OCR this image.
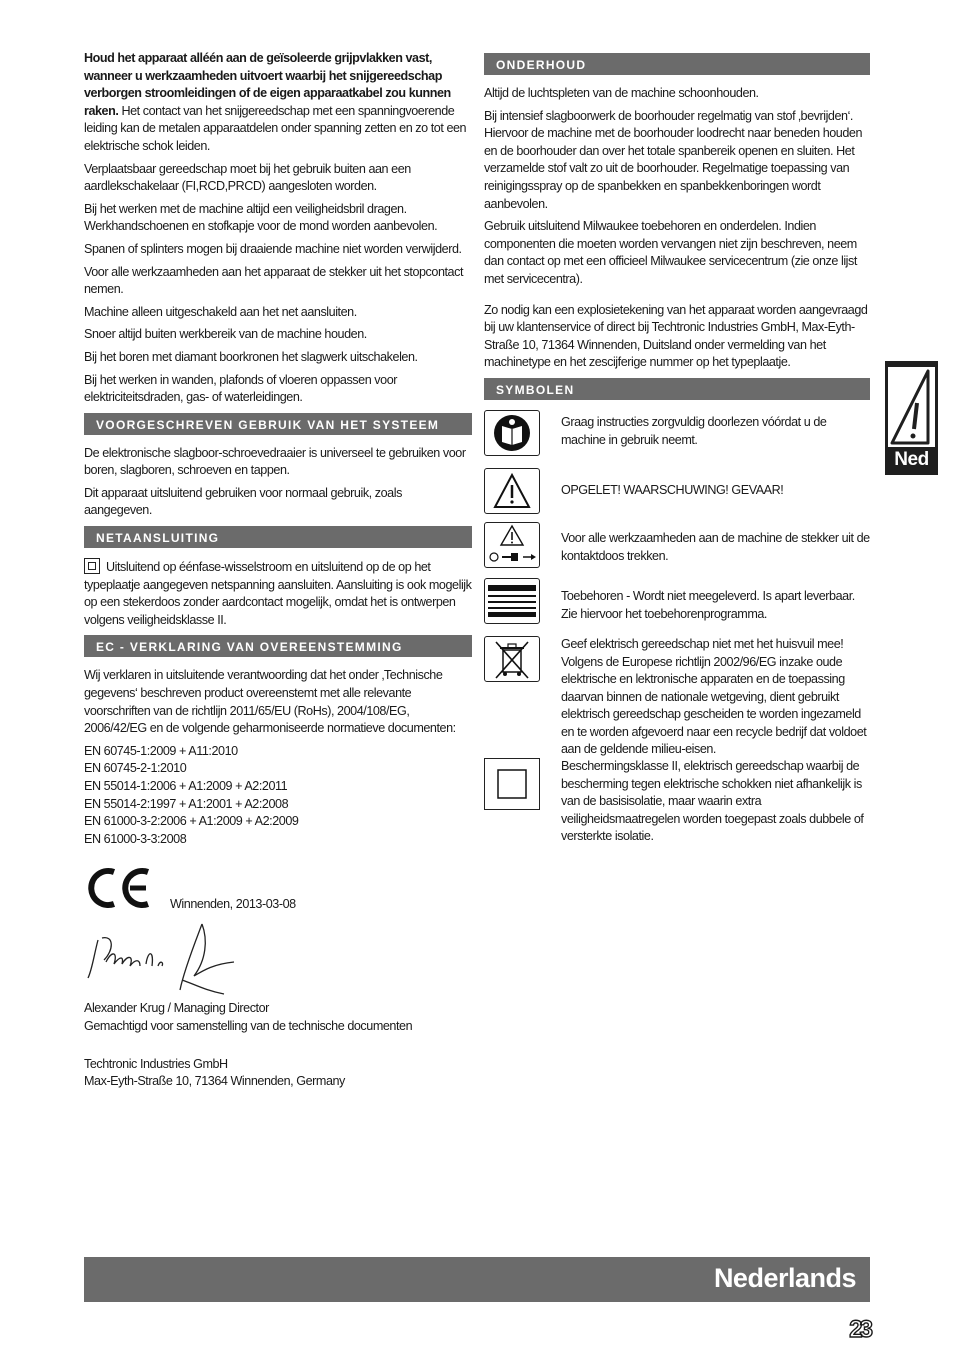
Houd het apparaat alléén aan de geïsoleerde grijpvlakken vast, wanneer u werkzaamheden uitvoert waarbij het snijgereedschap verborgen stroomleidingen of de eigen apparaatkabel zou kunnen raken. Het contact van het snijgereedschap met een spanningvoerende leiding kan de metalen apparaatdelen onder spanning zetten en zo tot een elektrische schok leiden.

Verplaatsbaar gereedschap moet bij het gebruik buiten aan een aardlekschakelaar (FI,RCD,PRCD) aangesloten worden.

Bij het werken met de machine altijd een veiligheidsbril dragen. Werkhandschoenen en stofkapje voor de mond worden aanbevolen.

Spanen of splinters mogen bij draaiende machine niet worden verwijderd.

Voor alle werkzaamheden aan het apparaat de stekker uit het stopcontact nemen.

Machine alleen uitgeschakeld aan het net aansluiten.

Snoer altijd buiten werkbereik van de machine houden.

Bij het boren met diamant boorkronen het slagwerk uitschakelen.

Bij het werken in wanden, plafonds of vloeren oppassen voor elektriciteitsdraden, gas- of waterleidingen.

VOORGESCHREVEN GEBRUIK VAN HET SYSTEEM

De elektronische slagboor-schroevedraaier is universeel te gebruiken voor boren, slagboren, schroeven en tappen.

Dit apparaat uitsluitend gebruiken voor normaal gebruik, zoals aangegeven.

NETAANSLUITING

Uitsluitend op éénfase-wisselstroom en uitsluitend op de op het typeplaatje aangegeven netspanning aansluiten. Aansluiting is ook mogelijk op een stekerdoos zonder aardcontact mogelijk, omdat het is ontwerpen volgens veiligheidsklasse II.

EC - VERKLARING VAN OVEREENSTEMMING

Wij verklaren in uitsluitende verantwoording dat het onder ‚Technische gegevens‘ beschreven product overeenstemt met alle relevante voorschriften van de richtlijn 2011/65/EU (RoHs), 2004/108/EG, 2006/42/EG en de volgende geharmoniseerde normatieve documenten:

EN 60745-1:2009 + A11:2010

EN 60745-2-1:2010

EN 55014-1:2006 + A1:2009 + A2:2011

EN 55014-2:1997 + A1:2001 + A2:2008

EN 61000-3-2:2006 + A1:2009 + A2:2009

EN 61000-3-3:2008

Winnenden, 2013-03-08

Alexander Krug / Managing Director

Gemachtigd voor samenstelling van de technische documenten

Techtronic Industries GmbH

Max-Eyth-Straße 10, 71364 Winnenden, Germany

ONDERHOUD

Altijd de luchtspleten van de machine schoonhouden.

Bij intensief slagboorwerk de boorhouder regelmatig van stof ‚bevrijden‘. Hiervoor de machine met de boorhouder loodrecht naar beneden houden en de boorhouder dan over het totale spanbereik openen en sluiten. Het verzamelde stof valt zo uit de boorhouder. Regelmatige toepassing van reinigingsspray op de spanbekken en spanbekkenboringen wordt aanbevolen.

Gebruik uitsluitend Milwaukee toebehoren en onderdelen. Indien componenten die moeten worden vervangen niet zijn beschreven, neem dan contact op met een officieel Milwaukee servicecentrum (zie onze lijst met servicecentra).

Zo nodig kan een explosietekening van het apparaat worden aangevraagd bij uw klantenservice of direct bij Techtronic Industries GmbH, Max-Eyth-Straße 10, 71364 Winnenden, Duitsland onder vermelding van het machinetype en het zescijferige nummer op het typeplaatje.

SYMBOLEN

Graag instructies zorgvuldig doorlezen vóórdat u de machine in gebruik neemt.

OPGELET! WAARSCHUWING! GEVAAR!

Voor alle werkzaamheden aan de machine de stekker uit de kontaktdoos trekken.

Toebehoren - Wordt niet meegeleverd. Is apart leverbaar. Zie hiervoor het toebehorenprogramma.

Geef elektrisch gereedschap niet met het huisvuil mee! Volgens de Europese richtlijn 2002/96/EG inzake oude elektrische en lektronische apparaten en de toepassing daarvan binnen de nationale wetgeving, dient gebruikt elektrisch gereedschap gescheiden te worden ingezameld en te worden afgevoerd naar een recycle bedrijf dat voldoet aan de geldende milieu-eisen.

Beschermingsklasse II, elektrisch gereedschap waarbij de bescherming tegen elektrische schokken niet afhankelijk is van de basisisolatie, maar waarin extra veiligheidsmaatregelen worden toegepast zoals dubbele of versterkte isolatie.

Ned
Nederlands
23
